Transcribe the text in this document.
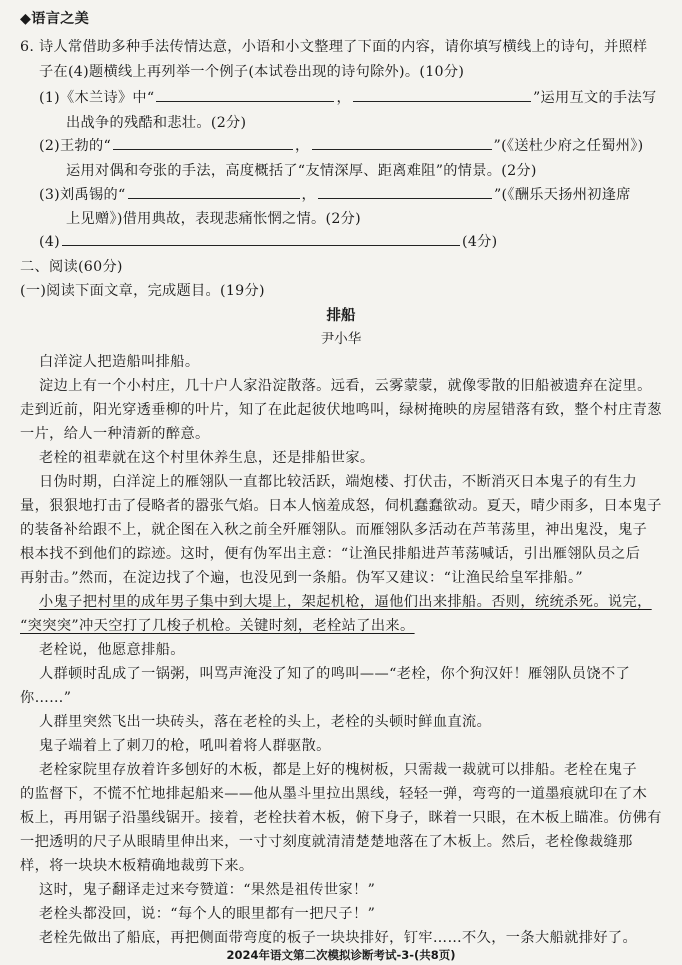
◆语言之美
6. 诗人常借助多种手法传情达意，小语和小文整理了下面的内容，请你填写横线上的诗句，并照样
子在(4)题横线上再列举一个例子(本试卷出现的诗句除外)。(10分)
(1)《木兰诗》中“	，	”运用互文的手法写
出战争的残酷和悲壮。(2分)
(2)王勃的“	，	”(《送杜少府之任蜀州》)
运用对偶和夸张的手法，高度概括了“友情深厚、距离难阻”的情景。(2分)
(3)刘禹锡的“	，	”(《酬乐天扬州初逢席
上见赠》)借用典故，表现悲痛怅惘之情。(2分)
(4)	(4分)
二、阅读(60分)
(一)阅读下面文章，完成题目。(19分)
排船
尹小华
白洋淀人把造船叫排船。
淀边上有一个小村庄，几十户人家沿淀散落。远看，云雾蒙蒙，就像零散的旧船被遗弃在淀里。
走到近前，阳光穿透垂柳的叶片，知了在此起彼伏地鸣叫，绿树掩映的房屋错落有致，整个村庄青葱
一片，给人一种清新的醉意。
老栓的祖辈就在这个村里休养生息，还是排船世家。
日伪时期，白洋淀上的雁翎队一直都比较活跃，端炮楼、打伏击，不断消灭日本鬼子的有生力
量，狠狠地打击了侵略者的嚣张气焰。日本人恼羞成怒，伺机蠢蠢欲动。夏天，晴少雨多，日本鬼子
的装备补给跟不上，就企图在入秋之前全歼雁翎队。而雁翎队多活动在芦苇荡里，神出鬼没，鬼子
根本找不到他们的踪迹。这时，便有伪军出主意：“让渔民排船进芦苇荡喊话，引出雁翎队员之后
再射击。”然而，在淀边找了个遍，也没见到一条船。伪军又建议：“让渔民给皇军排船。”
小鬼子把村里的成年男子集中到大堤上，架起机枪，逼他们出来排船。否则，统统杀死。说完，
“突突突”冲天空打了几梭子机枪。关键时刻，老栓站了出来。
老栓说，他愿意排船。
人群顿时乱成了一锅粥，叫骂声淹没了知了的鸣叫——“老栓，你个狗汉奸！雁翎队员饶不了
你……”
人群里突然飞出一块砖头，落在老栓的头上，老栓的头顿时鲜血直流。
鬼子端着上了刺刀的枪，吼叫着将人群驱散。
老栓家院里存放着许多刨好的木板，都是上好的槐树板，只需裁一裁就可以排船。老栓在鬼子
的监督下，不慌不忙地排起船来——他从墨斗里拉出黑线，轻轻一弹，弯弯的一道墨痕就印在了木
板上，再用锯子沿墨线锯开。接着，老栓扶着木板，俯下身子，眯着一只眼，在木板上瞄准。仿佛有
一把透明的尺子从眼睛里伸出来，一寸寸刻度就清清楚楚地落在了木板上。然后，老栓像裁缝那
样，将一块块木板精确地裁剪下来。
这时，鬼子翻译走过来夸赞道：“果然是祖传世家！”
老栓头都没回，说：“每个人的眼里都有一把尺子！”
老栓先做出了船底，再把侧面带弯度的板子一块块排好，钉牢……不久，一条大船就排好了。
2024年语文第二次模拟诊断考试-3-(共8页)
